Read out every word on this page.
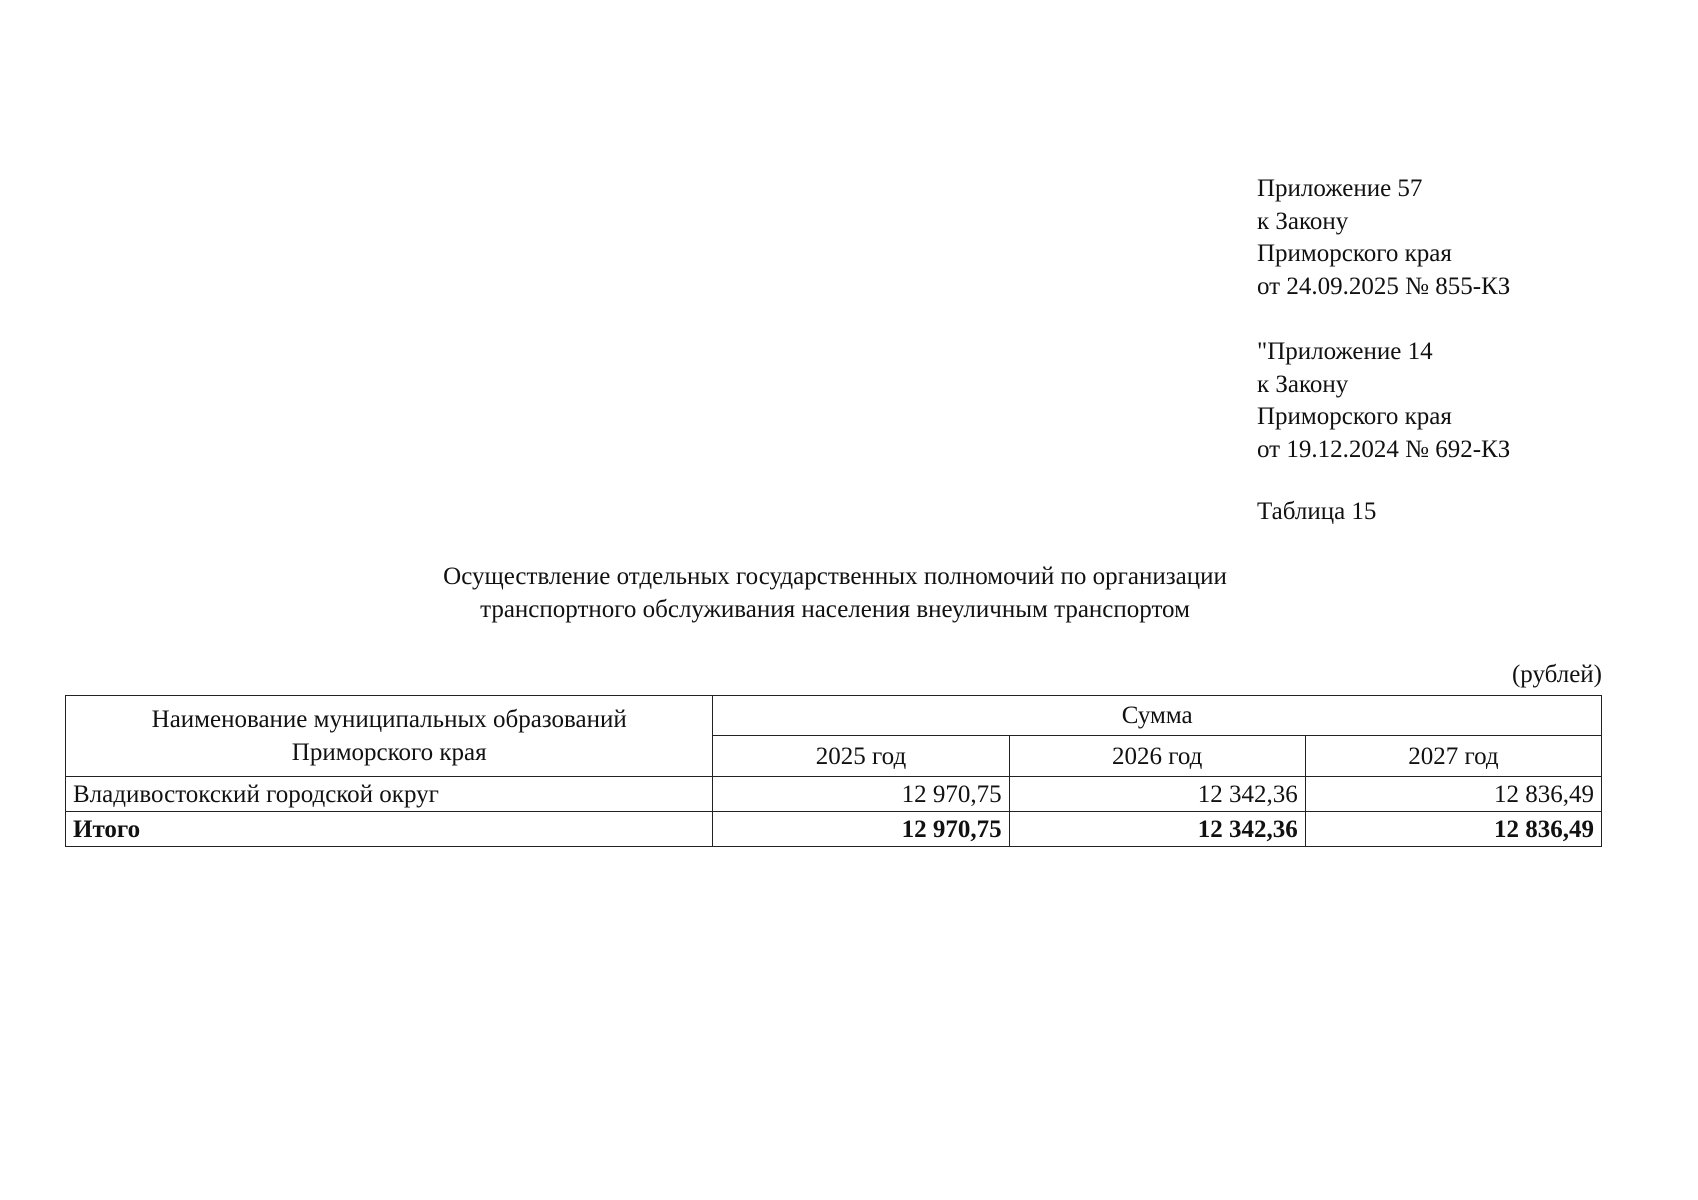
Приложение 57
к Закону
Приморского края
от 24.09.2025 № 855-КЗ
"Приложение 14
к Закону
Приморского края
от 19.12.2024 № 692-КЗ
Таблица 15
Осуществление отдельных государственных полномочий по организации
транспортного обслуживания населения внеуличным транспортом
(рублей)
Наименование муниципальных образований
Приморского края	Сумма		
	2025 год	2026 год	2027 год
Владивостокский городской округ	12 970,75	12 342,36	12 836,49
Итого	12 970,75	12 342,36	12 836,49
